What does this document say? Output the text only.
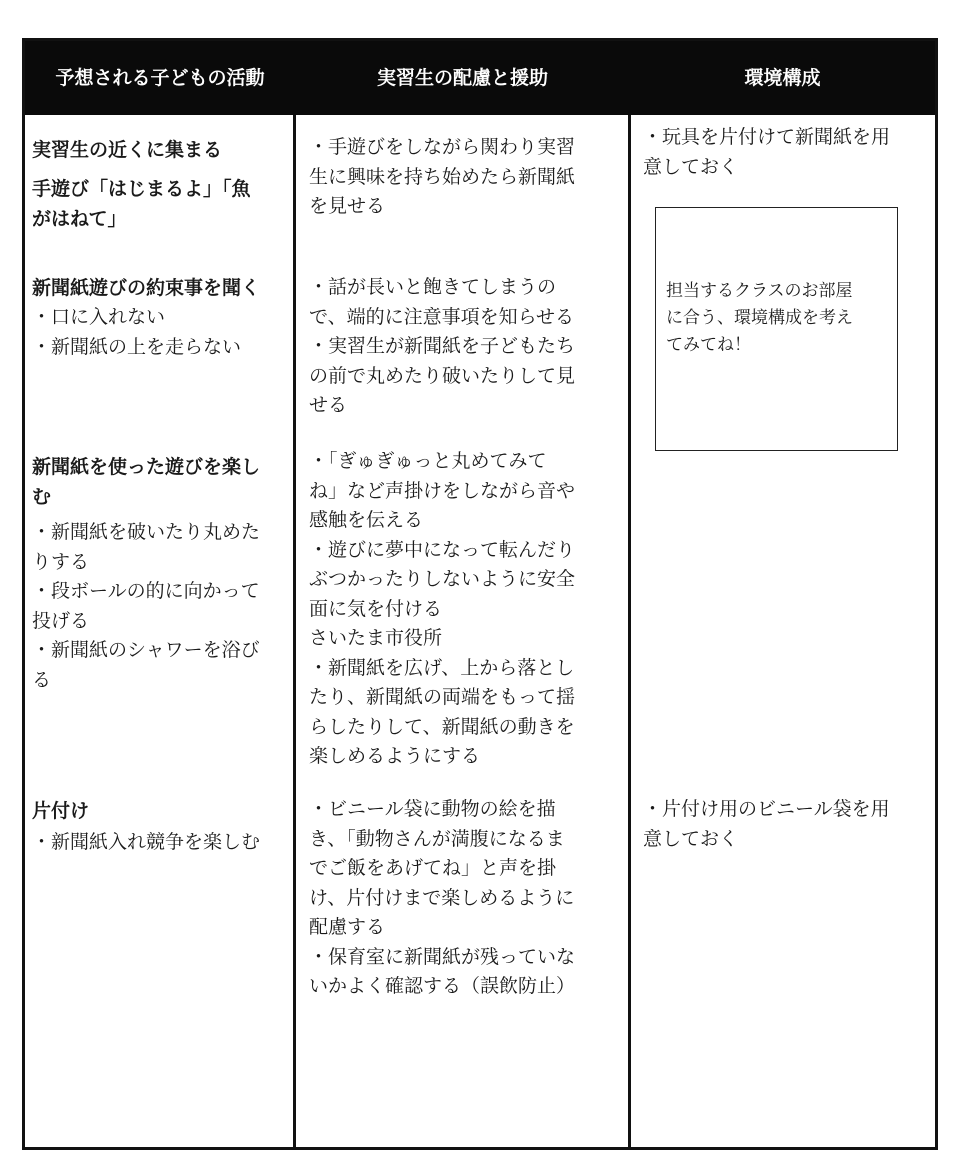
予想される子どもの活動	実習生の配慮と援助	環境構成
実習生の近くに集まる
手遊び「はじまるよ」「魚
がはねて」
新聞紙遊びの約束事を聞く
・口に入れない
・新聞紙の上を走らない
新聞紙を使った遊びを楽し
む
・新聞紙を破いたり丸めた
りする
・段ボールの的に向かって
投げる
・新聞紙のシャワーを浴び
る
片付け
・新聞紙入れ競争を楽しむ
・手遊びをしながら関わり実習
生に興味を持ち始めたら新聞紙
を見せる
・話が長いと飽きてしまうの
で、端的に注意事項を知らせる
・実習生が新聞紙を子どもたち
の前で丸めたり破いたりして見
せる
・「ぎゅぎゅっと丸めてみて
ね」など声掛けをしながら音や
感触を伝える
・遊びに夢中になって転んだり
ぶつかったりしないように安全
面に気を付ける
さいたま市役所
・新聞紙を広げ、上から落とし
たり、新聞紙の両端をもって揺
らしたりして、新聞紙の動きを
楽しめるようにする
・ビニール袋に動物の絵を描
き、「動物さんが満腹になるま
でご飯をあげてね」と声を掛
け、片付けまで楽しめるように
配慮する
・保育室に新聞紙が残っていな
いかよく確認する（誤飲防止）
・玩具を片付けて新聞紙を用
意しておく
担当するクラスのお部屋
に合う、環境構成を考え
てみてね！
・片付け用のビニール袋を用
意しておく
